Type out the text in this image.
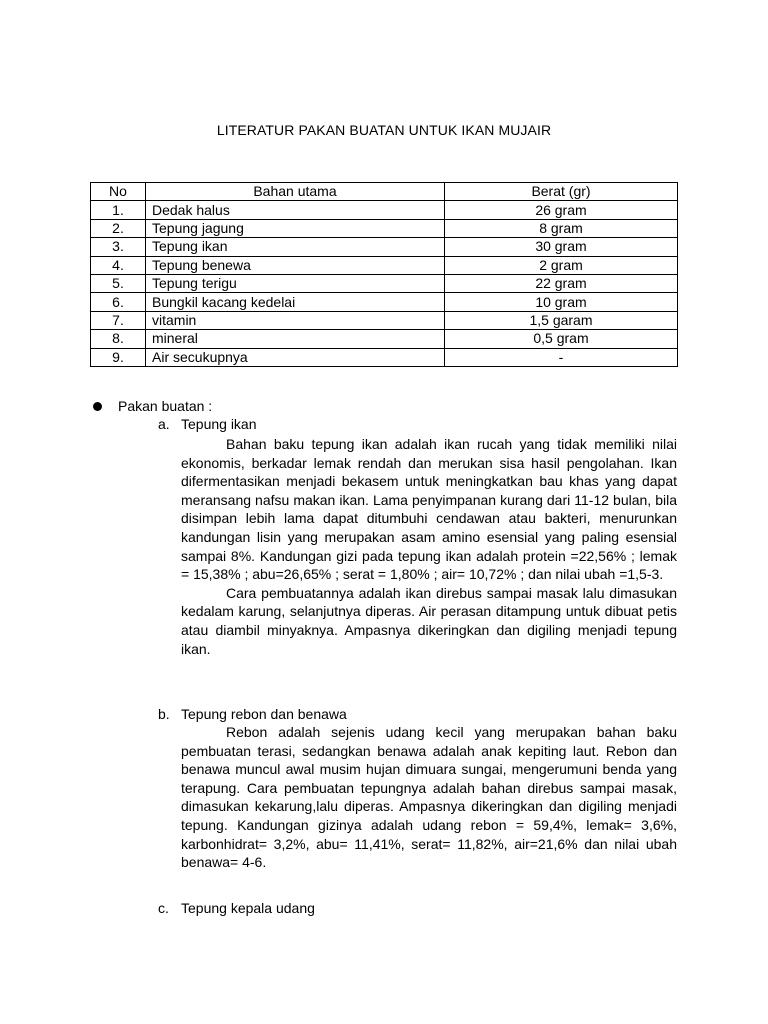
LITERATUR PAKAN BUATAN UNTUK IKAN MUJAIR
No	Bahan utama	Berat (gr)
1.	Dedak halus	26 gram
2.	Tepung jagung	8 gram
3.	Tepung ikan	30 gram
4.	Tepung benewa	2 gram
5.	Tepung terigu	22 gram
6.	Bungkil kacang kedelai	10 gram
7.	vitamin	1,5 garam
8.	mineral	0,5 gram
9.	Air secukupnya	-
Pakan buatan :
a. Tepung ikan

Bahan baku tepung ikan adalah ikan rucah yang tidak memiliki nilai ekonomis, berkadar lemak rendah dan merukan sisa hasil pengolahan. Ikan difermentasikan menjadi bekasem untuk meningkatkan bau khas yang dapat meransang nafsu makan ikan. Lama penyimpanan kurang dari 11-12 bulan, bila disimpan lebih lama dapat ditumbuhi cendawan atau bakteri, menurunkan kandungan lisin yang merupakan asam amino esensial yang paling esensial sampai 8%. Kandungan gizi pada tepung ikan adalah protein =22,56% ; lemak = 15,38% ; abu=26,65% ; serat = 1,80% ; air= 10,72% ; dan nilai ubah =1,5-3.

Cara pembuatannya adalah ikan direbus sampai masak lalu dimasukan kedalam karung, selanjutnya diperas. Air perasan ditampung untuk dibuat petis atau diambil minyaknya. Ampasnya dikeringkan dan digiling menjadi tepung ikan.

b. Tepung rebon dan benawa

Rebon adalah sejenis udang kecil yang merupakan bahan baku pembuatan terasi, sedangkan benawa adalah anak kepiting laut. Rebon dan benawa muncul awal musim hujan dimuara sungai, mengerumuni benda yang terapung. Cara pembuatan tepungnya adalah bahan direbus sampai masak, dimasukan kekarung,lalu diperas. Ampasnya dikeringkan dan digiling menjadi tepung. Kandungan gizinya adalah udang rebon = 59,4%, lemak= 3,6%, karbonhidrat= 3,2%, abu= 11,41%, serat= 11,82%, air=21,6% dan nilai ubah benawa= 4-6.

c. Tepung kepala udang
